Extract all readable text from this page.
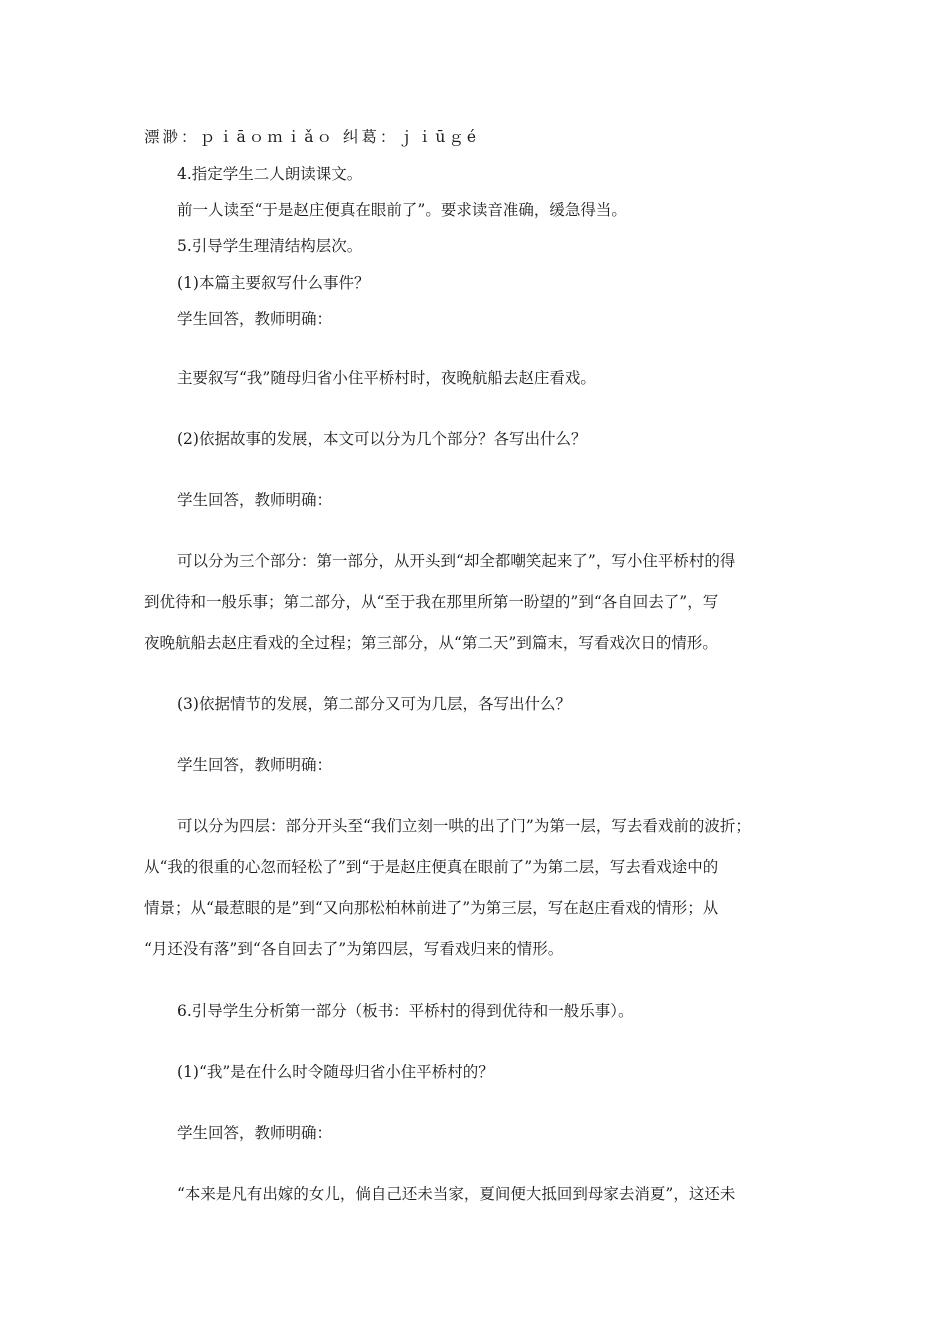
漂渺：ｐｉāｏｍｉǎｏ 纠葛：ｊｉūｇé
4.指定学生二人朗读课文。
前一人读至“于是赵庄便真在眼前了”。要求读音准确，缓急得当。
5.引导学生理清结构层次。
(1)本篇主要叙写什么事件？
学生回答，教师明确：
主要叙写“我”随母归省小住平桥村时，夜晚航船去赵庄看戏。
(2)依据故事的发展，本文可以分为几个部分？各写出什么？
学生回答，教师明确：
可以分为三个部分：第一部分，从开头到“却全都嘲笑起来了”，写小住平桥村的得
到优待和一般乐事；第二部分，从“至于我在那里所第一盼望的”到“各自回去了”，写
夜晚航船去赵庄看戏的全过程；第三部分，从“第二天”到篇末，写看戏次日的情形。
(3)依据情节的发展，第二部分又可为几层，各写出什么？
学生回答，教师明确：
可以分为四层：部分开头至“我们立刻一哄的出了门”为第一层，写去看戏前的波折；
从“我的很重的心忽而轻松了”到“于是赵庄便真在眼前了”为第二层，写去看戏途中的
情景；从“最惹眼的是”到“又向那松柏林前进了”为第三层，写在赵庄看戏的情形；从
“月还没有落”到“各自回去了”为第四层，写看戏归来的情形。
6.引导学生分析第一部分（板书：平桥村的得到优待和一般乐事）。
(1)“我”是在什么时令随母归省小住平桥村的？
学生回答，教师明确：
“本来是凡有出嫁的女儿，倘自己还未当家，夏间便大抵回到母家去消夏”，这还未
